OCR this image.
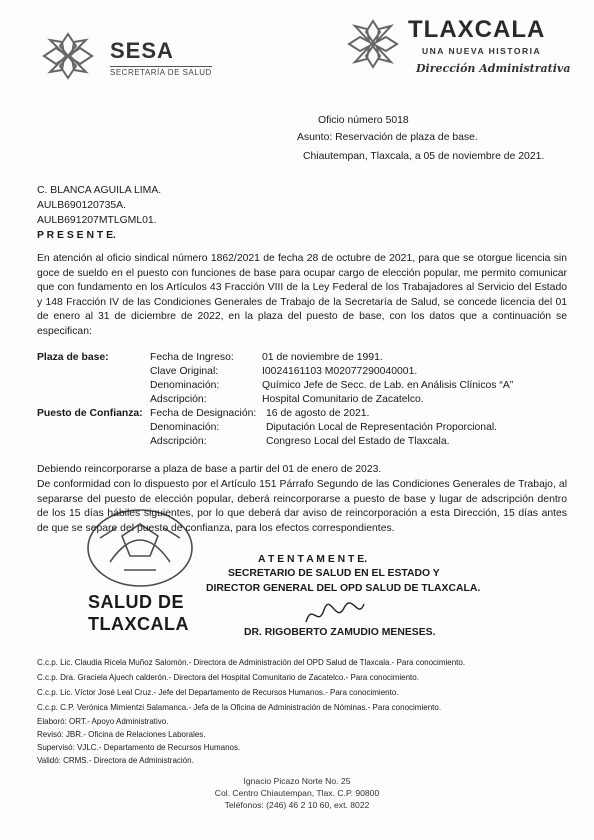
SESA
SECRETARÍA DE SALUD
TLAXCALA
UNA NUEVA HISTORIA
Dirección Administrativa
Oficio número 5018
Asunto: Reservación de plaza de base.
Chiautempan, Tlaxcala, a 05 de noviembre de 2021.
C. BLANCA AGUILA LIMA.
AULB690120735A.
AULB691207MTLGML01.
P R E S E N T E.
En atención al oficio sindical número 1862/2021 de fecha 28 de octubre de 2021, para que se otorgue licencia sin goce de sueldo en el puesto con funciones de base para ocupar cargo de elección popular, me permito comunicar que con fundamento en los Artículos 43 Fracción VIII de la Ley Federal de los Trabajadores al Servicio del Estado y 148 Fracción IV de las Condiciones Generales de Trabajo de la Secretaría de Salud, se concede licencia del 01 de enero al 31 de diciembre de 2022, en la plaza del puesto de base, con los datos que a continuación se especifican:
Plaza de base:	Fecha de Ingreso:	01 de noviembre de 1991.
Clave Original:	I0024161103 M02077290040001.
Denominación:	Químico Jefe de Secc. de Lab. en Análisis Clínicos “A”
Adscripción:	Hospital Comunitario de Zacatelco.
Puesto de Confianza: Fecha de Designación: 16 de agosto de 2021.
Denominación:	Diputación Local de Representación Proporcional.
Adscripción:	Congreso Local del Estado de Tlaxcala.
Debiendo reincorporarse a plaza de base a partir del 01 de enero de 2023.
De conformidad con lo dispuesto por el Artículo 151 Párrafo Segundo de las Condiciones Generales de Trabajo, al separarse del puesto de elección popular, deberá reincorporarse a puesto de base y lugar de adscripción dentro de los 15 días hábiles siguientes, por lo que deberá dar aviso de reincorporación a esta Dirección, 15 días antes de que se separe del puesto de confianza, para los efectos correspondientes.
SALUD DE
TLAXCALA
A T E N T A M E N T E.
SECRETARIO DE SALUD EN EL ESTADO Y
DIRECTOR GENERAL DEL OPD SALUD DE TLAXCALA.
DR. RIGOBERTO ZAMUDIO MENESES.
C.c.p. Lic. Claudia Ricela Muñoz Salomón.- Directora de Administración del OPD Salud de Tlaxcala.- Para conocimiento.
C.c.p. Dra. Graciela Ajuech calderón.- Directora del Hospital Comunitario de Zacatelco.- Para conocimiento.
C.c.p. Lic. Víctor José Leal Cruz.- Jefe del Departamento de Recursos Humanos.- Para conocimiento.
C.c.p. C.P. Verónica Mimientzi Salamanca.- Jefa de la Oficina de Administración de Nóminas.- Para conocimiento.
Elaboró: ORT.- Apoyo Administrativo.
Revisó: JBR.- Oficina de Relaciones Laborales.
Supervisó: VJLC.- Departamento de Recursos Humanos.
Validó: CRMS.- Directora de Administración.
Ignacio Picazo Norte No. 25
Col. Centro Chiautempan, Tlax. C.P. 90800
Teléfonos: (246) 46 2 10 60, ext. 8022
